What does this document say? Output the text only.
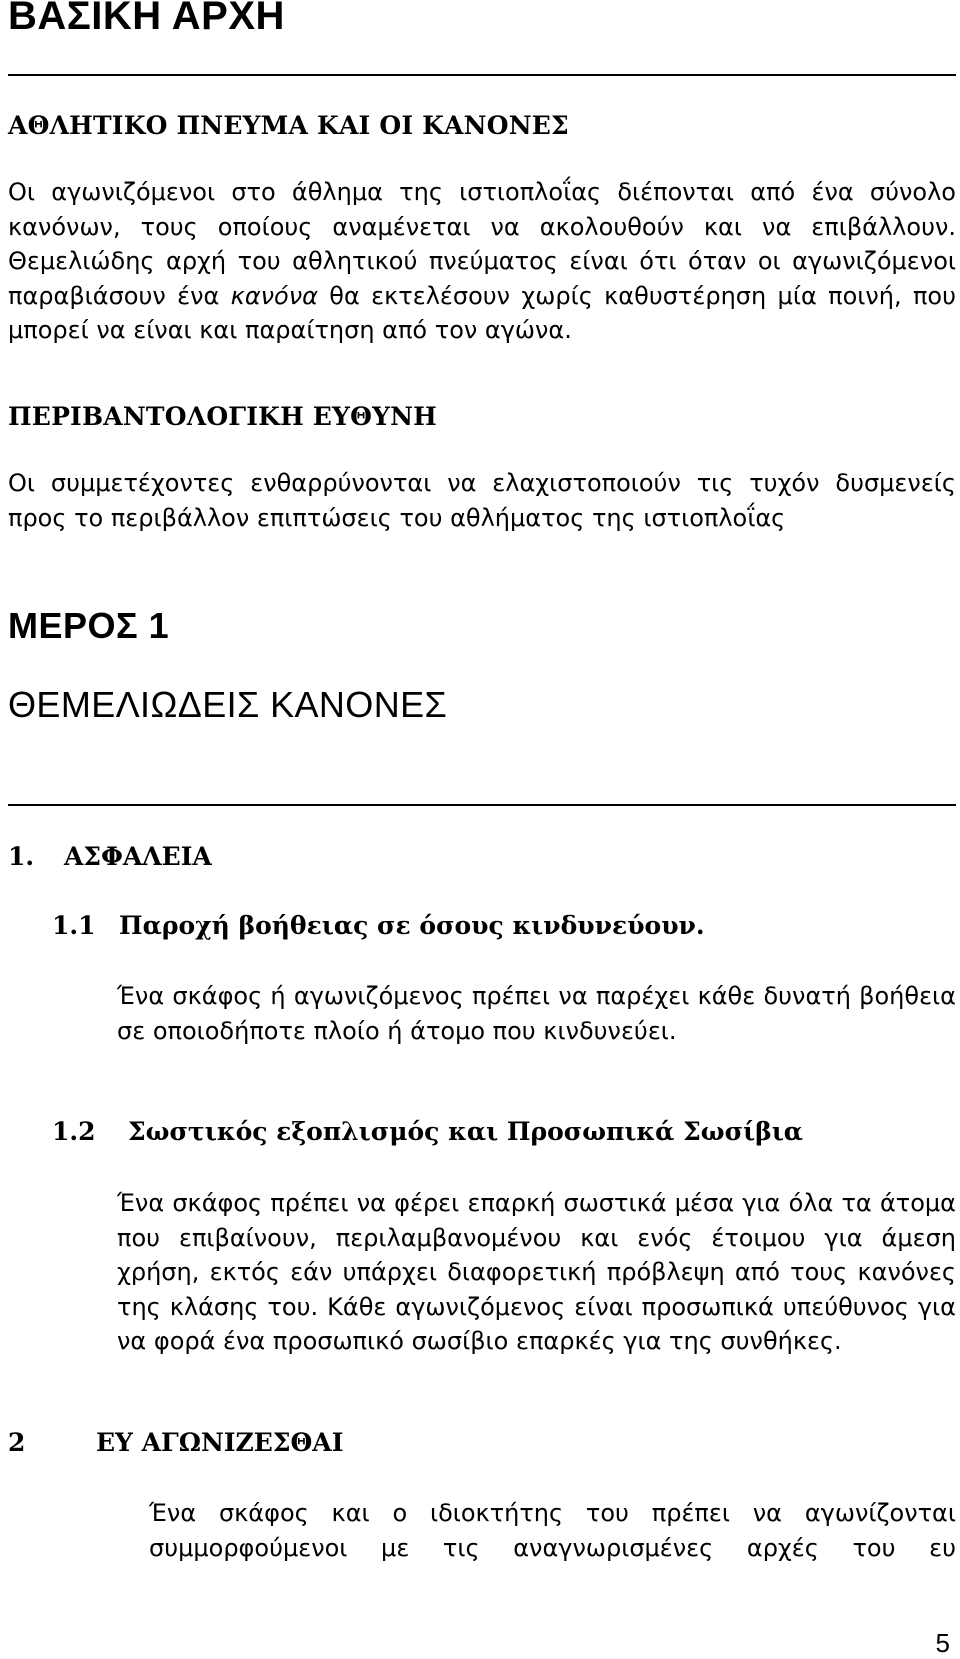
ΒΑΣΙΚΗ ΑΡΧΗ
ΑΘΛΗΤΙΚΟ ΠΝΕΥΜΑ ΚΑΙ ΟΙ ΚΑΝΟΝΕΣ
Οι αγωνιζόμενοι στο άθλημα της ιστιοπλοΐας διέπονται από ένα σύνολο κανόνων, τους οποίους αναμένεται να ακολουθούν και να επιβάλλουν. Θεμελιώδης αρχή του αθλητικού πνεύματος είναι ότι όταν οι αγωνιζόμενοι παραβιάσουν ένα κανόνα θα εκτελέσουν χωρίς καθυστέρηση μία ποινή, που μπορεί να είναι και παραίτηση από τον αγώνα.
ΠΕΡΙΒΑΝΤΟΛΟΓΙΚΗ ΕΥΘΥΝΗ
Οι συμμετέχοντες ενθαρρύνονται να ελαχιστοποιούν τις τυχόν δυσμενείς προς το περιβάλλον επιπτώσεις του αθλήματος της ιστιοπλοΐας
ΜΕΡΟΣ 1
ΘΕΜΕΛΙΩΔΕΙΣ ΚΑΝΟΝΕΣ
1. ΑΣΦΑΛΕΙΑ
1.1 Παροχή βοήθειας σε όσους κινδυνεύουν.
Ένα σκάφος ή αγωνιζόμενος πρέπει να παρέχει κάθε δυνατή βοήθεια σε οποιοδήποτε πλοίο ή άτομο που κινδυνεύει.
1.2 Σωστικός εξοπλισμός και Προσωπικά Σωσίβια
Ένα σκάφος πρέπει να φέρει επαρκή σωστικά μέσα για όλα τα άτομα που επιβαίνουν, περιλαμβανομένου και ενός έτοιμου για άμεση χρήση, εκτός εάν υπάρχει διαφορετική πρόβλεψη από τους κανόνες της κλάσης του. Κάθε αγωνιζόμενος είναι προσωπικά υπεύθυνος για να φορά ένα προσωπικό σωσίβιο επαρκές για της συνθήκες.
2	ΕΥ ΑΓΩΝΙΖΕΣΘΑΙ
Ένα σκάφος και ο ιδιοκτήτης του πρέπει να αγωνίζονται συμμορφούμενοι με τις αναγνωρισμένες αρχές του ευ
5
